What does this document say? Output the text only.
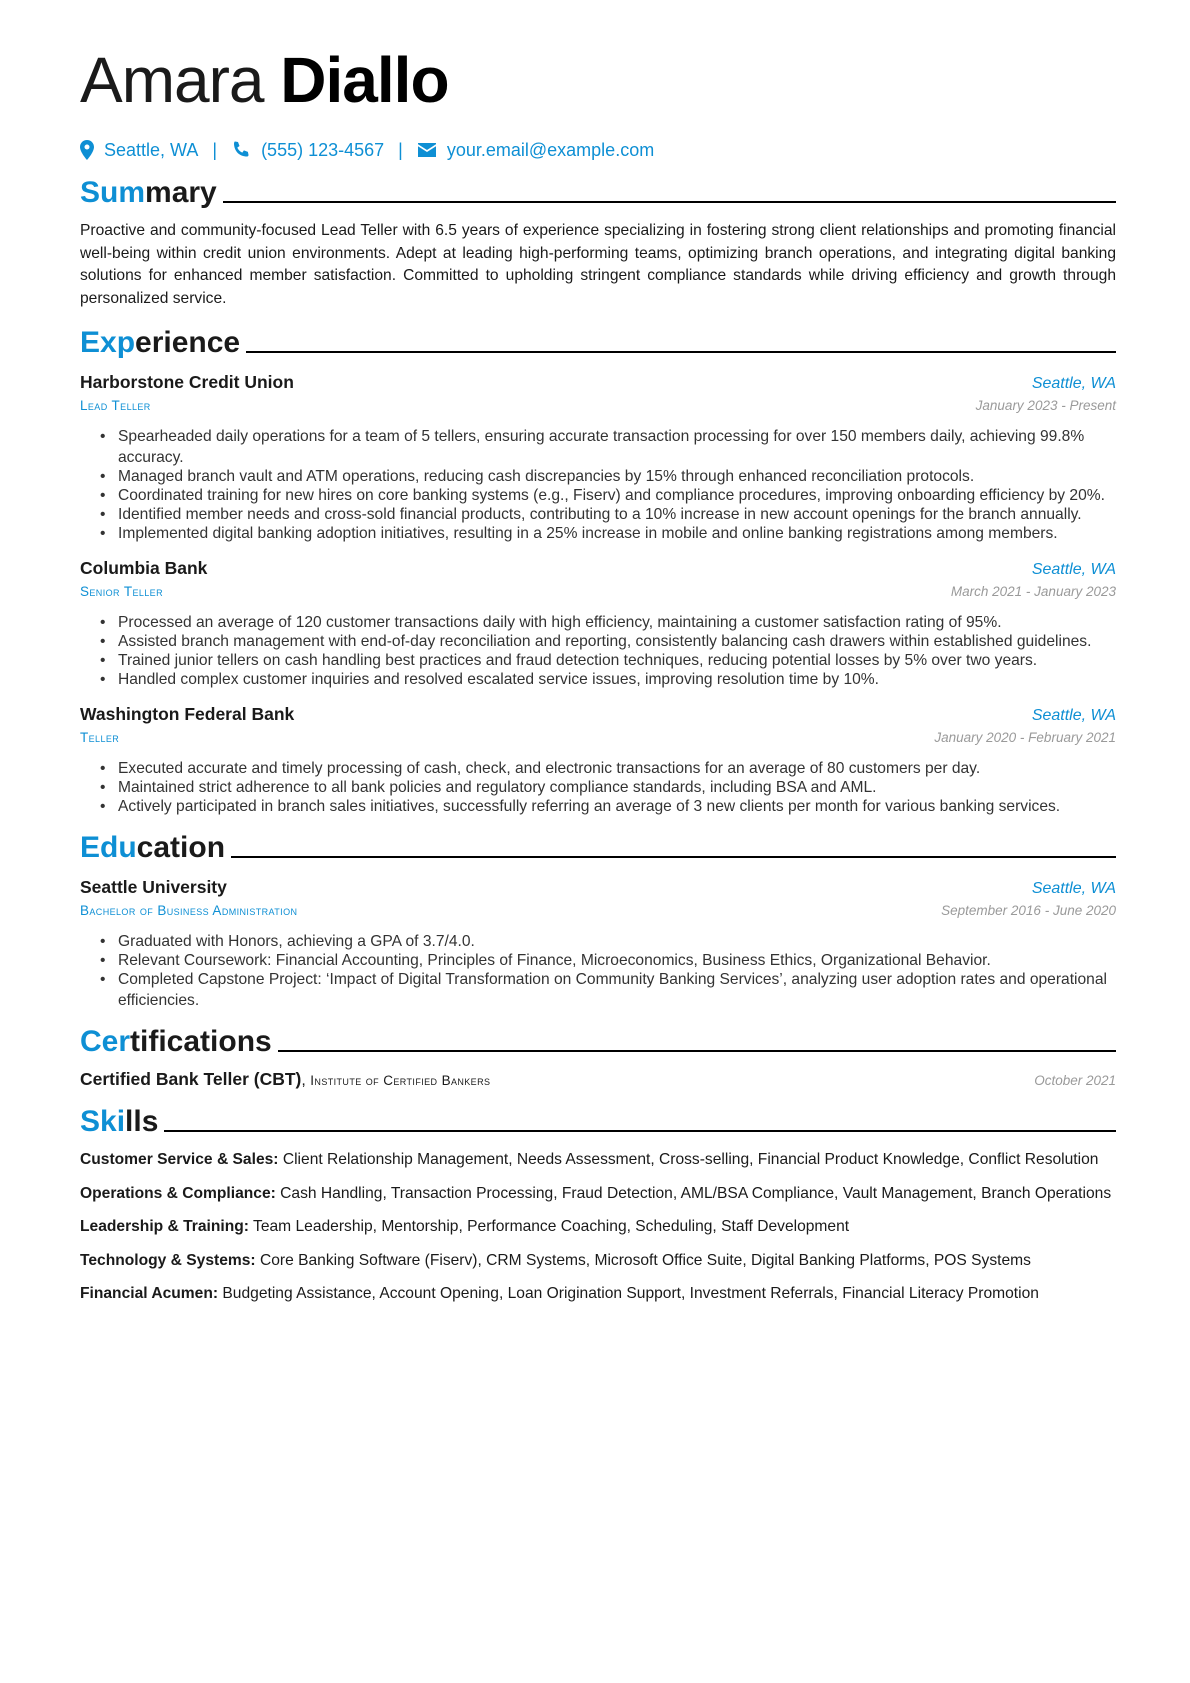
Amara Diallo
Seattle, WA | (555) 123-4567 | your.email@example.com
Summary

Proactive and community-focused Lead Teller with 6.5 years of experience specializing in fostering strong client relationships and promoting financial well-being within credit union environments. Adept at leading high-performing teams, optimizing branch operations, and integrating digital banking solutions for enhanced member satisfaction. Committed to upholding stringent compliance standards while driving efficiency and growth through personalized service.

Experience
Harborstone Credit Union	Seattle, WA
Lead Teller	January 2023 - Present
• Spearheaded daily operations for a team of 5 tellers, ensuring accurate transaction processing for over 150 members daily, achieving 99.8% accuracy.
• Managed branch vault and ATM operations, reducing cash discrepancies by 15% through enhanced reconciliation protocols.
• Coordinated training for new hires on core banking systems (e.g., Fiserv) and compliance procedures, improving onboarding efficiency by 20%.
• Identified member needs and cross-sold financial products, contributing to a 10% increase in new account openings for the branch annually.
• Implemented digital banking adoption initiatives, resulting in a 25% increase in mobile and online banking registrations among members.
Columbia Bank	Seattle, WA
Senior Teller	March 2021 - January 2023
• Processed an average of 120 customer transactions daily with high efficiency, maintaining a customer satisfaction rating of 95%.
• Assisted branch management with end-of-day reconciliation and reporting, consistently balancing cash drawers within established guidelines.
• Trained junior tellers on cash handling best practices and fraud detection techniques, reducing potential losses by 5% over two years.
• Handled complex customer inquiries and resolved escalated service issues, improving resolution time by 10%.
Washington Federal Bank	Seattle, WA
Teller	January 2020 - February 2021
• Executed accurate and timely processing of cash, check, and electronic transactions for an average of 80 customers per day.
• Maintained strict adherence to all bank policies and regulatory compliance standards, including BSA and AML.
• Actively participated in branch sales initiatives, successfully referring an average of 3 new clients per month for various banking services.
Education
Seattle University	Seattle, WA
Bachelor of Business Administration	September 2016 - June 2020
• Graduated with Honors, achieving a GPA of 3.7/4.0.
• Relevant Coursework: Financial Accounting, Principles of Finance, Microeconomics, Business Ethics, Organizational Behavior.
• Completed Capstone Project: ‘Impact of Digital Transformation on Community Banking Services’, analyzing user adoption rates and operational efficiencies.
Certifications
Certified Bank Teller (CBT), Institute of Certified Bankers	October 2021
Skills

Customer Service & Sales: Client Relationship Management, Needs Assessment, Cross-selling, Financial Product Knowledge, Conflict Resolution

Operations & Compliance: Cash Handling, Transaction Processing, Fraud Detection, AML/BSA Compliance, Vault Management, Branch Operations

Leadership & Training: Team Leadership, Mentorship, Performance Coaching, Scheduling, Staff Development

Technology & Systems: Core Banking Software (Fiserv), CRM Systems, Microsoft Office Suite, Digital Banking Platforms, POS Systems

Financial Acumen: Budgeting Assistance, Account Opening, Loan Origination Support, Investment Referrals, Financial Literacy Promotion
